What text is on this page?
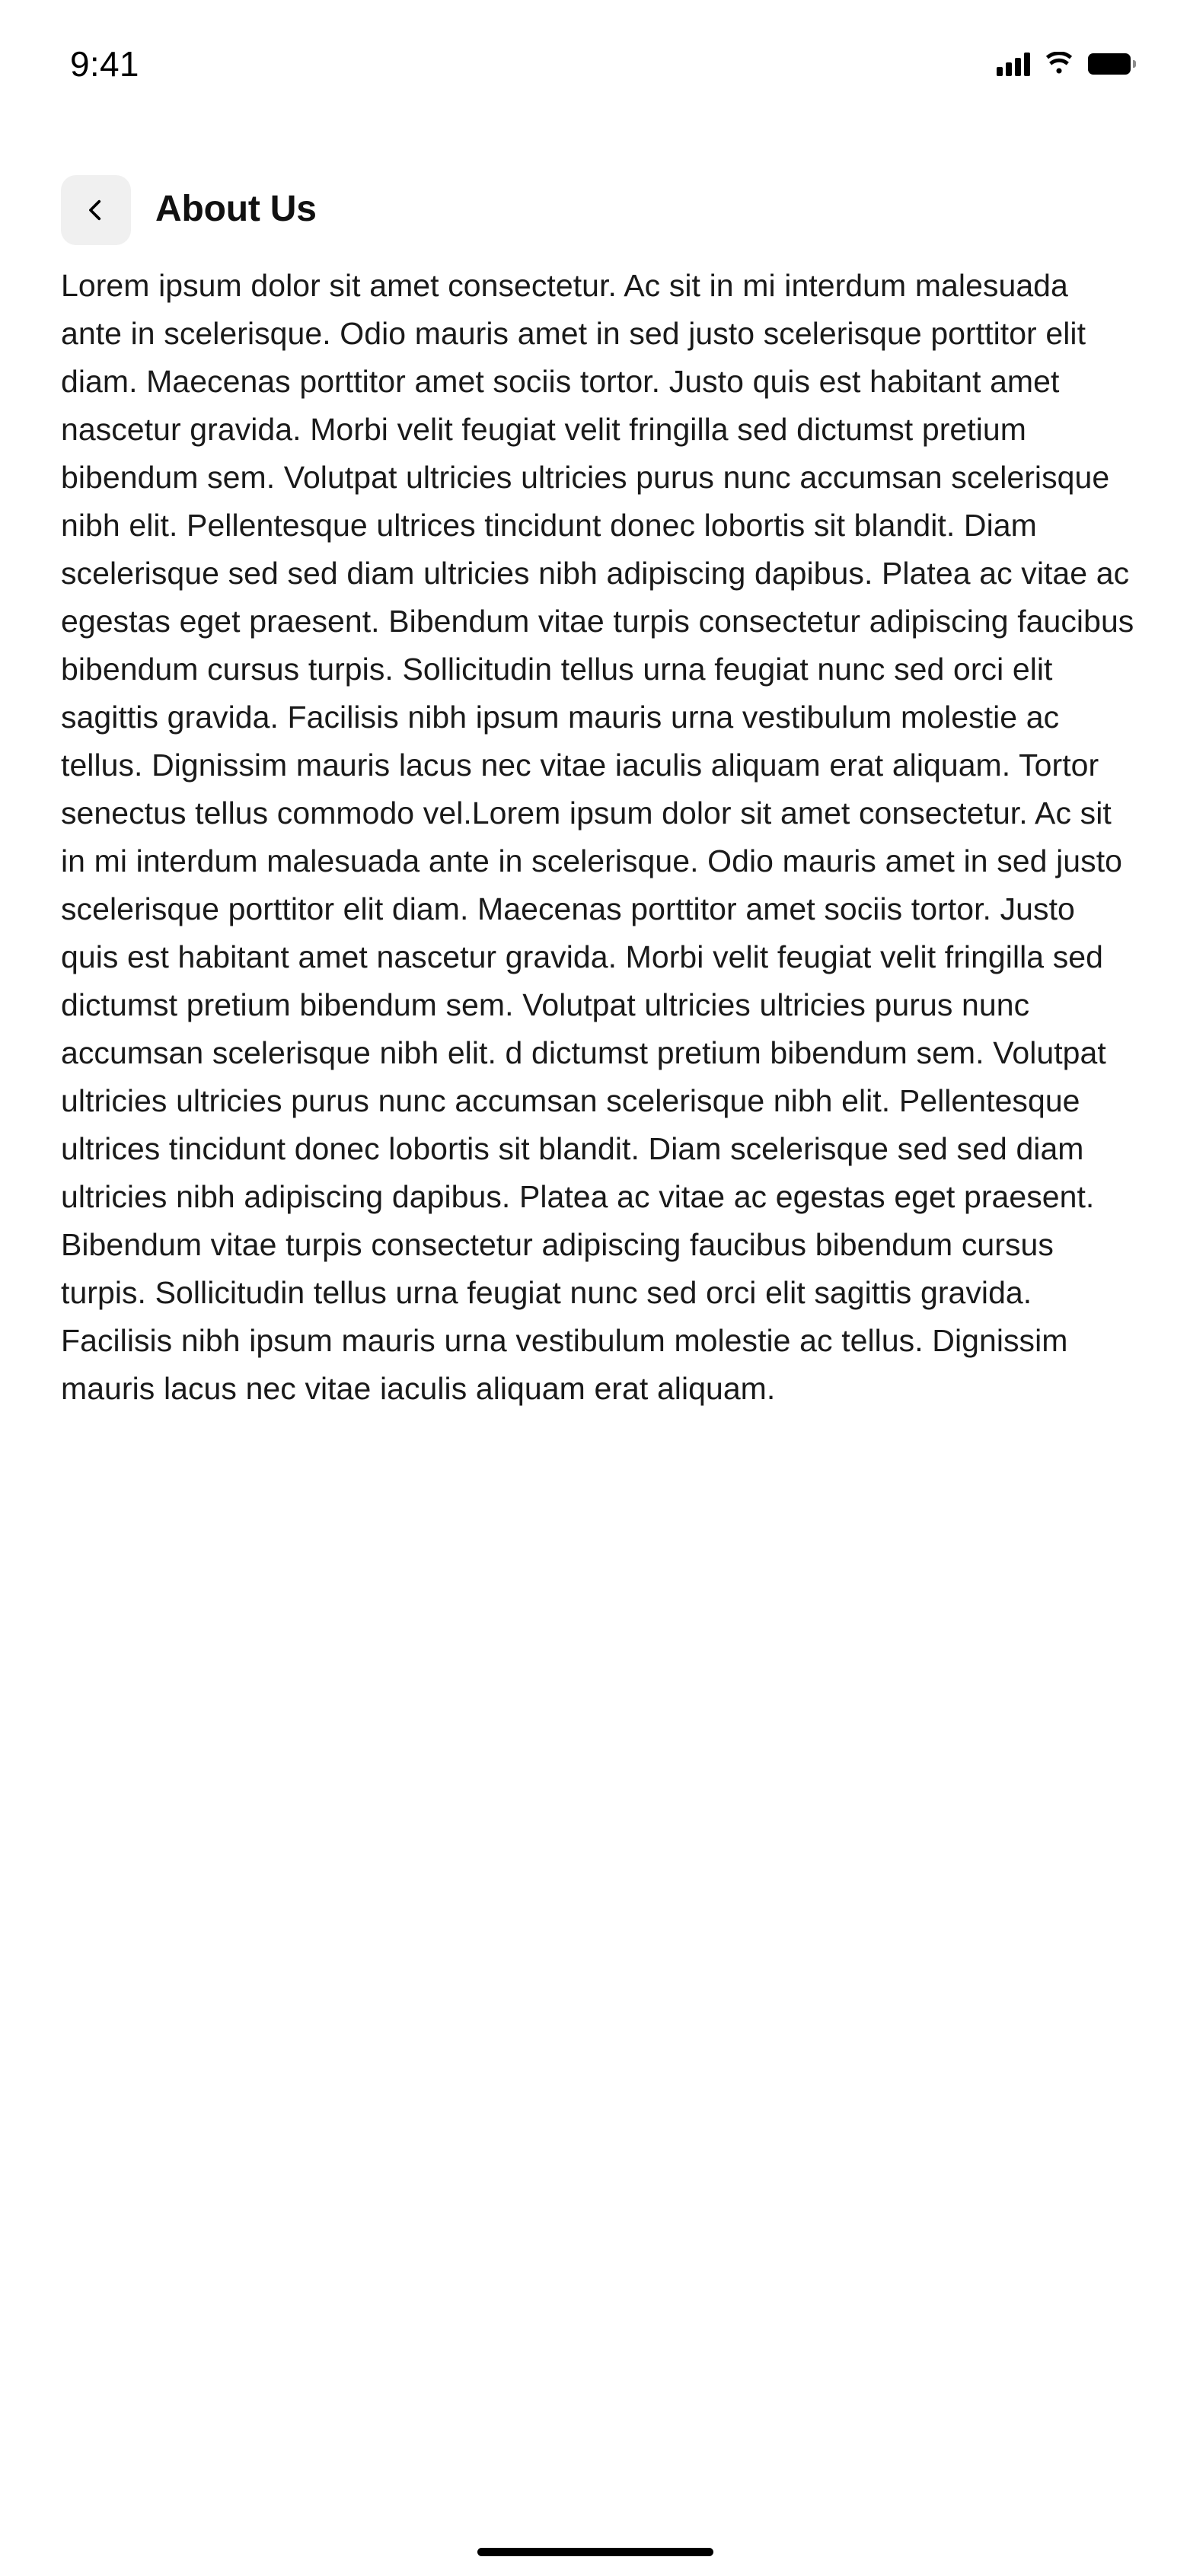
9:41
About Us

Lorem ipsum dolor sit amet consectetur. Ac sit in mi interdum malesuada ante in scelerisque. Odio mauris amet in sed justo scelerisque porttitor elit diam. Maecenas porttitor amet sociis tortor. Justo quis est habitant amet nascetur gravida. Morbi velit feugiat velit fringilla sed dictumst pretium bibendum sem. Volutpat ultricies ultricies purus nunc accumsan scelerisque nibh elit. Pellentesque ultrices tincidunt donec lobortis sit blandit. Diam scelerisque sed sed diam ultricies nibh adipiscing dapibus. Platea ac vitae ac egestas eget praesent. Bibendum vitae turpis consectetur adipiscing faucibus bibendum cursus turpis. Sollicitudin tellus urna feugiat nunc sed orci elit sagittis gravida. Facilisis nibh ipsum mauris urna vestibulum molestie ac tellus. Dignissim mauris lacus nec vitae iaculis aliquam erat aliquam. Tortor senectus tellus commodo vel.Lorem ipsum dolor sit amet consectetur. Ac sit in mi interdum malesuada ante in scelerisque. Odio mauris amet in sed justo scelerisque porttitor elit diam. Maecenas porttitor amet sociis tortor. Justo quis est habitant amet nascetur gravida. Morbi velit feugiat velit fringilla sed dictumst pretium bibendum sem. Volutpat ultricies ultricies purus nunc accumsan scelerisque nibh elit. d dictumst pretium bibendum sem. Volutpat ultricies ultricies purus nunc accumsan scelerisque nibh elit. Pellentesque ultrices tincidunt donec lobortis sit blandit. Diam scelerisque sed sed diam ultricies nibh adipiscing dapibus. Platea ac vitae ac egestas eget praesent. Bibendum vitae turpis consectetur adipiscing faucibus bibendum cursus turpis. Sollicitudin tellus urna feugiat nunc sed orci elit sagittis gravida. Facilisis nibh ipsum mauris urna vestibulum molestie ac tellus. Dignissim mauris lacus nec vitae iaculis aliquam erat aliquam.
